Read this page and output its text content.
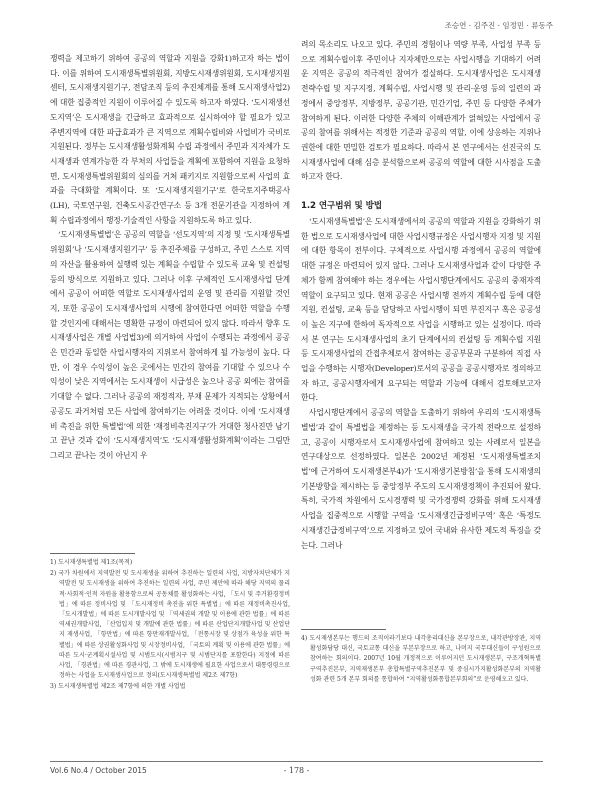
조승연 · 김주진 · 임정민 · 류동주

쟁력을 제고하기 위하여 공공의 역할과 지원을 강화1)하고자 하는 법이다. 이를 위하여 도시재생특별위원회, 지방도시재생위원회, 도시재생지원센터, 도시재생지원기구, 전담조직 등의 추진체계를 통해 도시재생사업2)에 대한 집중적인 지원이 이루어질 수 있도록 하고자 하였다. ‘도시재생선도지역’은 도시재생을 긴급하고 효과적으로 실시하여야 할 필요가 있고 주변지역에 대한 파급효과가 큰 지역으로 계획수립비와 사업비가 국비로 지원된다. 정부는 도시재생활성화계획 수립 과정에서 주민과 지자체가 도시재생과 연계가능한 각 부처의 사업들을 계획에 포함하여 지원을 요청하면, 도시재생특별위원회의 심의를 거쳐 패키지로 지원함으로써 사업의 효과를 극대화할 계획이다. 또 ‘도시재생지원기구’로 한국토지주택공사(LH), 국토연구원, 건축도시공간연구소 등 3개 전문기관을 지정하여 계획 수립과정에서 행정·기술적인 사항을 지원하도록 하고 있다.

‘도시재생특별법’은 공공의 역할을 ‘선도지역’의 지정 및 ‘도시재생특별위원회’나 ‘도시재생지원기구’ 등 추진주체를 구성하고, 주민 스스로 지역의 자산을 활용하여 실행력 있는 계획을 수립할 수 있도록 교육 및 컨설팅 등의 방식으로 지원하고 있다. 그러나 이후 구체적인 도시재생사업 단계에서 공공이 어떠한 역할로 도시재생사업의 운영 및 관리를 지원할 것인지, 또한 공공이 도시재생사업의 시행에 참여한다면 어떠한 역할을 수행할 것인지에 대해서는 명확한 규정이 마련되어 있지 않다. 따라서 향후 도시재생사업은 개별 사업법3)에 의거하여 사업이 수행되는 과정에서 공공은 민간과 동일한 사업시행자의 지위로서 참여하게 될 가능성이 높다. 다만, 이 경우 수익성이 높은 곳에서는 민간의 참여를 기대할 수 있으나 수익성이 낮은 지역에서는 도시재생이 시급성은 높으나 공공 외에는 참여를 기대할 수 없다. 그러나 공공의 재정적자, 부채 문제가 지적되는 상황에서 공공도 과거처럼 모든 사업에 참여하기는 어려울 것이다. 이에 ‘도시재생비 촉진을 위한 특별법’에 의한 ‘재정비촉진지구’가 거대한 청사진만 남기고 끝난 것과 같이 ‘도시재생지역’도 ‘도시재생활성화계획’이라는 그림만 그리고 끝나는 것이 아닌지 우

1) 도시재생특별법 제1조(목적)

2) 국가 차원에서 지역발전 및 도시재생을 위하여 추진하는 일련의 사업, 지방자치단체가 지역발전 및 도시재생을 위하여 추진하는 일련의 사업, 주민 제안에 따라 해당 지역의 물리적·사회적·인적 자원을 활용함으로써 공동체를 활성화하는 사업, 「도시 및 주거환경정비법」에 따른 정비사업 및 「도시재정비 촉진을 위한 특별법」에 따른 재정비촉진사업, 「도시개발법」에 따른 도시개발사업 및 「역세권의 개발 및 이용에 관한 법률」에 따른 역세권개발사업, 「산업입지 및 개발에 관한 법률」에 따른 산업단지개발사업 및 산업단지 재생사업, 「항만법」에 따른 항만재개발사업, 「전통시장 및 상점가 육성을 위한 특별법」에 따른 상권활성화사업 및 시장정비사업, 「국토의 계획 및 이용에 관한 법률」에 따른 도시·군계획시설사업 및 시범도시(시범지구 및 시범단지를 포함한다) 지정에 따른 사업, 「경관법」에 따른 경관사업, 그 밖에 도시재생에 필요한 사업으로서 대통령령으로 정하는 사업을 도시재생사업으로 정의(도시재생특별법 제2조 제7항)

3) 도시재생특별법 제2조 제7항에 의한 개별 사업법

려의 목소리도 나오고 있다. 주민의 경험이나 역량 부족, 사업성 부족 등으로 계획수립이후 주민이나 지자체만으로는 사업시행을 기대하기 어려운 지역은 공공의 적극적인 참여가 절실하다. 도시재생사업은 도시재생 전략수립 및 지구지정, 계획수립, 사업시행 및 관리·운영 등의 일련의 과정에서 중앙정부, 지방정부, 공공기관, 민간기업, 주민 등 다양한 주체가 참여하게 된다. 이러한 다양한 주체의 이해관계가 얽혀있는 사업에서 공공의 참여를 위해서는 적정한 기준과 공공의 역할, 이에 상응하는 지위나 권한에 대한 면밀한 검토가 필요하다. 따라서 본 연구에서는 선진국의 도시재생사업에 대해 심층 분석함으로써 공공의 역할에 대한 시사점을 도출하고자 한다.

1.2 연구범위 및 방법

‘도시재생특별법’은 도시재생에서의 공공의 역할과 지원을 강화하기 위한 법으로 도시재생사업에 대한 사업시행규정은 사업시행자 지정 및 지원에 대한 항목이 전부이다. 구체적으로 사업시행 과정에서 공공의 역할에 대한 규정은 마련되어 있지 않다. 그러나 도시재생사업과 같이 다양한 주체가 함께 참여해야 하는 경우에는 사업시행단계에서도 공공의 중재자적 역할이 요구되고 있다. 현재 공공은 사업시행 전까지 계획수립 등에 대한 지원, 컨설팅, 교육 등을 담당하고 사업시행이 되면 부진지구 혹은 공공성이 높은 지구에 한하여 독자적으로 사업을 시행하고 있는 실정이다. 따라서 본 연구는 도시재생사업의 초기 단계에서의 컨설팅 등 계획수립 지원 등 도시재생사업의 간접추체로서 참여하는 공공부문과 구분하여 직접 사업을 수행하는 시행자(Developer)로서의 공공을 공공시행자로 정의하고자 하고, 공공시행자에게 요구되는 역할과 기능에 대해서 검토해보고자 한다.

사업시행단계에서 공공의 역할을 도출하기 위하여 우리의 ‘도시재생특별법’과 같이 특별법을 제정하는 등 도시재생을 국가적 전략으로 설정하고, 공공이 시행자로서 도시재생사업에 참여하고 있는 사례로서 일본을 연구대상으로 선정하였다. 일본은 2002년 제정된 ‘도시재생특별조치법’에 근거하여 도시재생본부4)가 ‘도시재생기본방침’을 통해 도시재생의 기본방향을 제시하는 등 중앙정부 주도의 도시재생정책이 추진되어 왔다. 특히, 국가적 차원에서 도시경쟁력 및 국가경쟁력 강화를 위해 도시재생사업을 집중적으로 시행할 구역을 ‘도시재생긴급정비구역’ 혹은 ‘특정도시재생긴급정비구역’으로 지정하고 있어 국내와 유사한 제도적 특징을 갖는다. 그러나

4) 도시재생본부는 행드의 조직이라기보다 내각총리대신을 본부장으로, 내각관방장관, 지역활성화담당 대신, 국토교통 대신을 부본부장으로 하고, 나머지 국무대신들이 구성원으로 참여하는 회의이다. 2007년 10월 개정적으로 이루어지던 도시재생본부, 구조개혁특별구역추진본부, 지역재생본부 총합특별구역추진본부 및 중심시가지활성화본부의 지역활성화 관련 5개 본부 회의를 통합하여 “지역활성화통합본부회의”로 운영해오고 있다.

Vol.6 No.4 / October 2015	- 178 -
